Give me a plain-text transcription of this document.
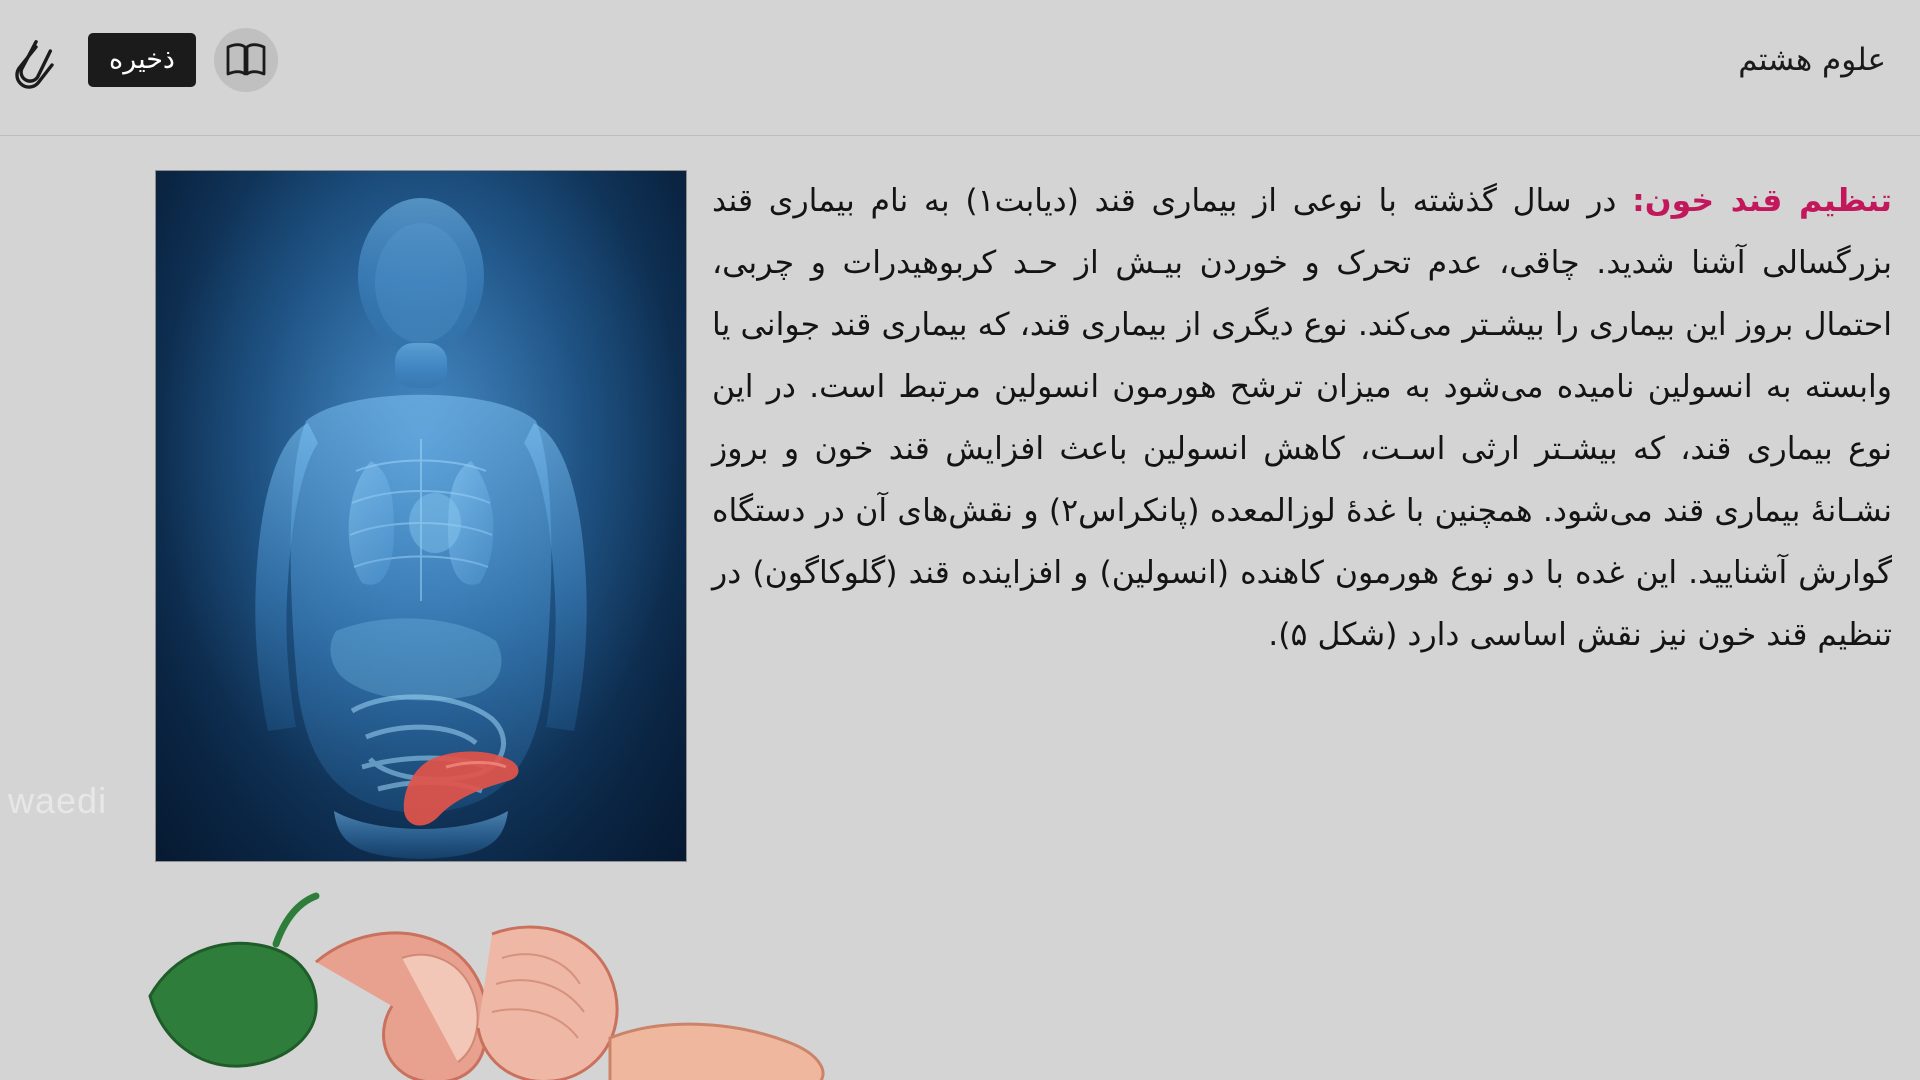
ذخیره	علوم هشتم
تنظیم قند خون: در سال گذشته با نوعی از بیماری قند (دیابت۱) به نام بیماری قند بزرگسالی آشنا شدید. چاقی، عدم تحرک و خوردن بیـش از حـد کربوهیدرات و چربی، احتمال بروز این بیماری را بیشـتر می‌کند. نوع دیگری از بیماری قند، که بیماری قند جوانی یا وابسته به انسولین نامیده می‌شود به میزان ترشح هورمون انسولین مرتبط است. در این نوع بیماری قند، که بیشـتر ارثی اسـت، کاهش انسولین باعث افزایش قند خون و بروز نشـانهٔ بیماری قند می‌شود. همچنین با غدهٔ لوزالمعده (پانکراس۲) و نقش‌های آن در دستگاه گوارش آشنایید. این غده با دو نوع هورمون کاهنده (انسولین) و افزاینده قند (گلوکاگون) در تنظیم قند خون نیز نقش اساسی دارد (شکل ۵).
waedi
